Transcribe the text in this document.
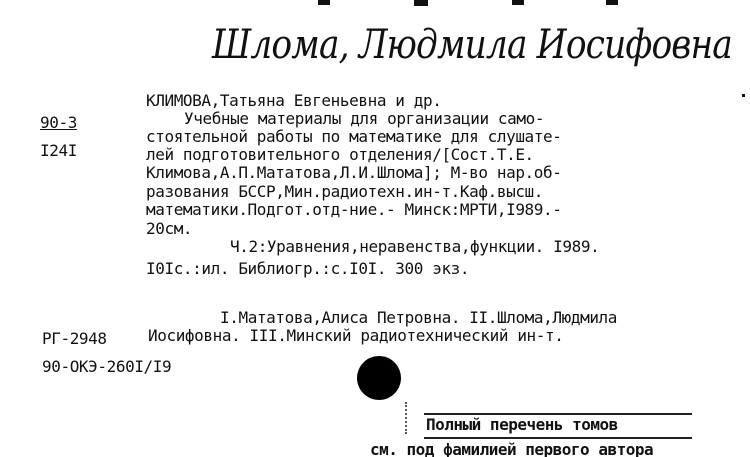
Шлома, Людмила Иосифовна
90-3
I24I
КЛИМОВА,Татьяна Евгеньевна и др.
Учебные материалы для организации само-
стоятельной работы по математике для слушате-
лей подготовительного отделения/[Сост.Т.Е.
Климова,А.П.Мататова,Л.И.Шлома]; М-во нар.об-
разования БССР,Мин.радиотехн.ин-т.Каф.высш.
математики.Подгот.отд-ние.- Минск:МРТИ,I989.-
20см.
Ч.2:Уравнения,неравенства,функции. I989.
I0Iс.:ил. Библиогр.:с.I0I. 300 экз.
I.Мататова,Алиса Петровна. II.Шлома,Людмила
РГ-2948	Иосифовна. III.Минский радиотехнический ин-т.
90-ОКЭ-260I/I9
Полный перечень томов
см. под фамилией первого автора
